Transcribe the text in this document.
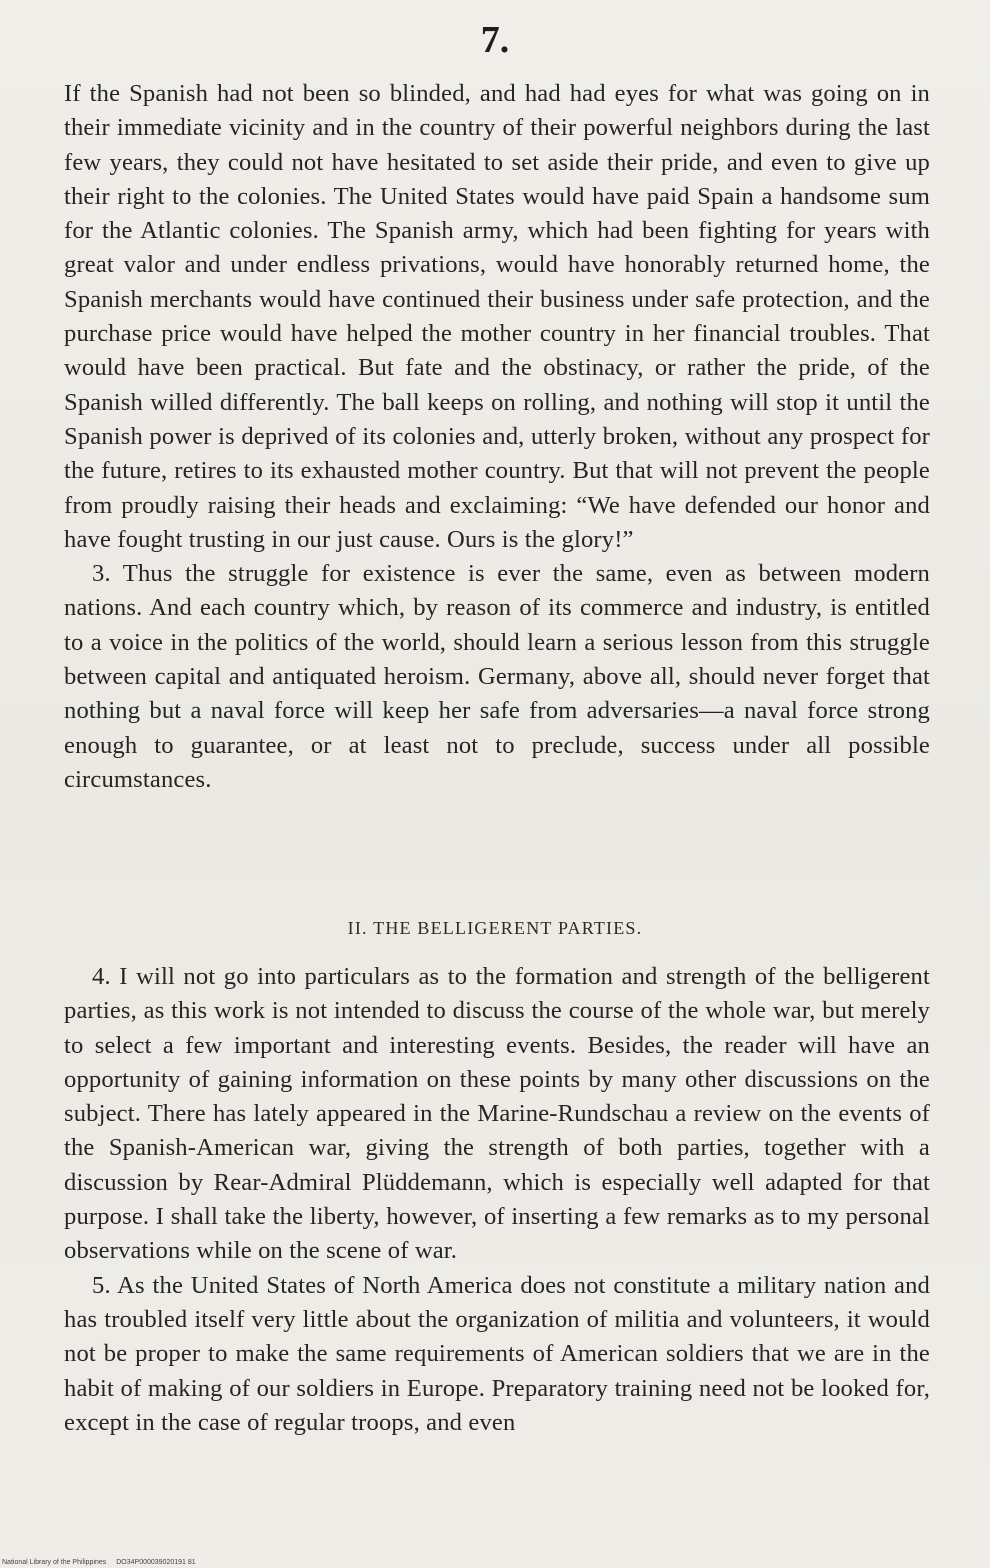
7.

If the Spanish had not been so blinded, and had had eyes for what was going on in their immediate vicinity and in the country of their powerful neighbors during the last few years, they could not have hesitated to set aside their pride, and even to give up their right to the colonies. The United States would have paid Spain a handsome sum for the Atlantic colonies. The Spanish army, which had been fighting for years with great valor and under endless privations, would have honorably returned home, the Spanish merchants would have continued their business under safe protection, and the purchase price would have helped the mother country in her financial troubles. That would have been practical. But fate and the obstinacy, or rather the pride, of the Spanish willed differently. The ball keeps on rolling, and nothing will stop it until the Spanish power is deprived of its colonies and, utterly broken, without any prospect for the future, retires to its exhausted mother country. But that will not prevent the people from proudly raising their heads and exclaiming: “We have defended our honor and have fought trusting in our just cause. Ours is the glory!”

3. Thus the struggle for existence is ever the same, even as between modern nations. And each country which, by reason of its commerce and industry, is entitled to a voice in the politics of the world, should learn a serious lesson from this struggle between capital and antiquated heroism. Germany, above all, should never forget that nothing but a naval force will keep her safe from adversaries—a naval force strong enough to guarantee, or at least not to preclude, success under all possible circumstances.

II. THE BELLIGERENT PARTIES.

4. I will not go into particulars as to the formation and strength of the belligerent parties, as this work is not intended to discuss the course of the whole war, but merely to select a few important and interesting events. Besides, the reader will have an opportunity of gaining information on these points by many other discussions on the subject. There has lately appeared in the Marine-Rundschau a review on the events of the Spanish-American war, giving the strength of both parties, together with a discussion by Rear-Admiral Plüddemann, which is especially well adapted for that purpose. I shall take the liberty, however, of inserting a few remarks as to my personal observations while on the scene of war.

5. As the United States of North America does not constitute a military nation and has troubled itself very little about the organization of militia and volunteers, it would not be proper to make the same requirements of American soldiers that we are in the habit of making of our soldiers in Europe. Preparatory training need not be looked for, except in the case of regular troops, and even

National Library of the Philippines DO34P000039020191 81
